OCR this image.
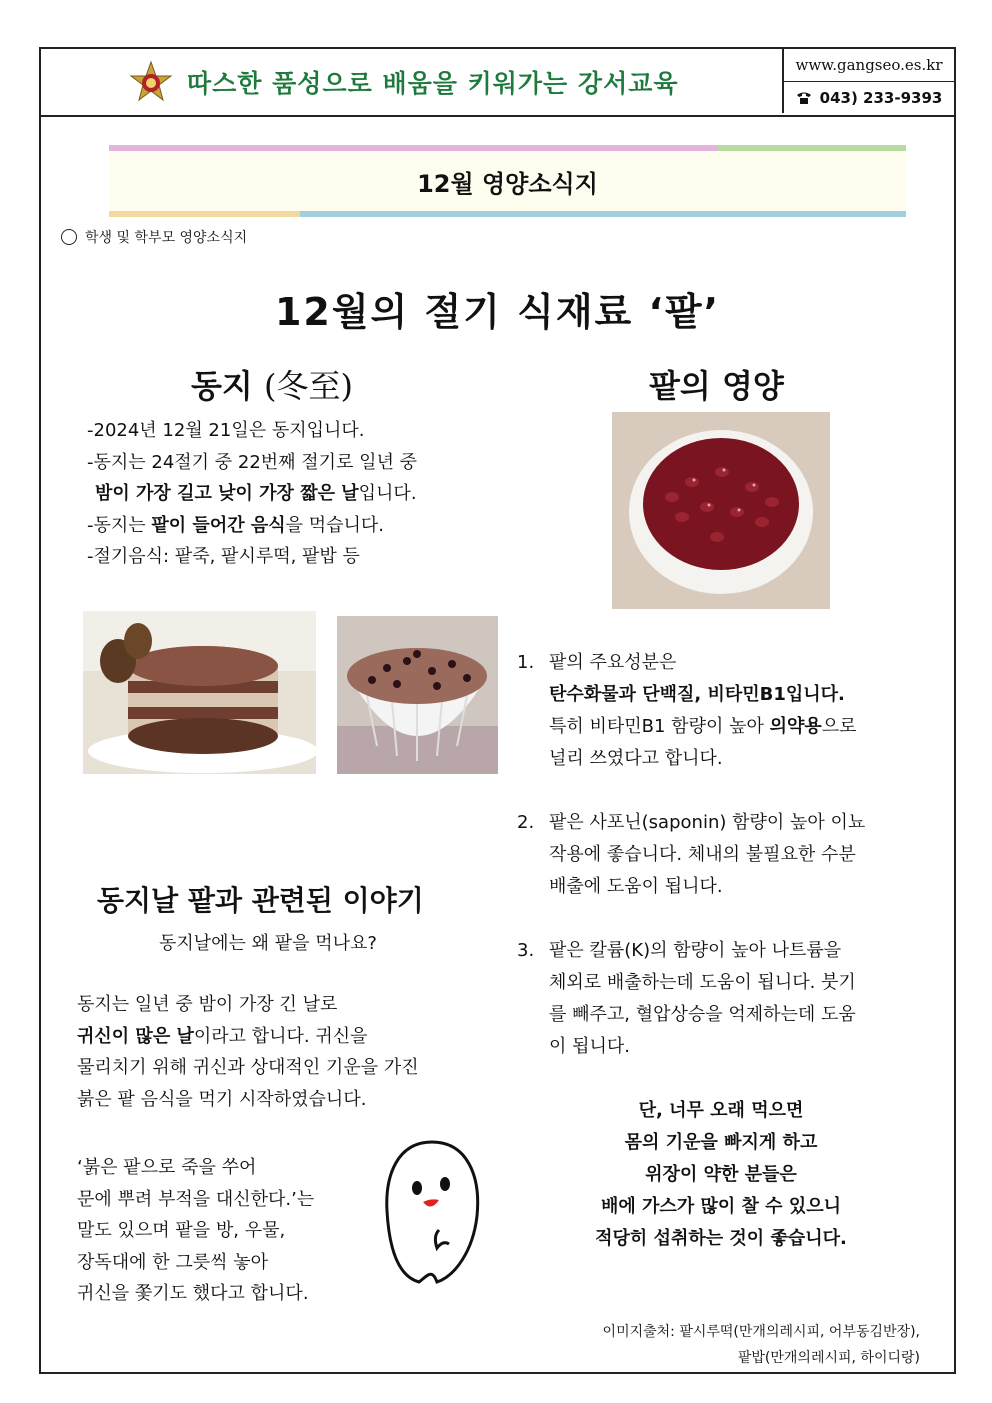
따스한 품성으로 배움을 키워가는 강서교육
www.gangseo.es.kr
043) 233-9393
12월 영양소식지
학생 및 학부모 영양소식지
12월의 절기 식재료 ‘팥’
동지 (冬至)
-2024년 12월 21일은 동지입니다.
-동지는 24절기 중 22번째 절기로 일년 중
밤이 가장 길고 낮이 가장 짧은 날입니다.
-동지는 팥이 들어간 음식을 먹습니다.
-절기음식: 팥죽, 팥시루떡, 팥밥 등
팥의 영양
1. 팥의 주요성분은
탄수화물과 단백질, 비타민B1입니다.
특히 비타민B1 함량이 높아 의약용으로
널리 쓰였다고 합니다.
2. 팥은 사포닌(saponin) 함량이 높아 이뇨
작용에 좋습니다. 체내의 불필요한 수분
배출에 도움이 됩니다.
3. 팥은 칼륨(K)의 함량이 높아 나트륨을
체외로 배출하는데 도움이 됩니다. 붓기
를 빼주고, 혈압상승을 억제하는데 도움
이 됩니다.
단, 너무 오래 먹으면
몸의 기운을 빠지게 하고
위장이 약한 분들은
배에 가스가 많이 찰 수 있으니
적당히 섭취하는 것이 좋습니다.
동지날 팥과 관련된 이야기
동지날에는 왜 팥을 먹나요?
동지는 일년 중 밤이 가장 긴 날로
귀신이 많은 날이라고 합니다. 귀신을
물리치기 위해 귀신과 상대적인 기운을 가진
붉은 팥 음식을 먹기 시작하였습니다.
‘붉은 팥으로 죽을 쑤어
문에 뿌려 부적을 대신한다.’는
말도 있으며 팥을 방, 우물,
장독대에 한 그릇씩 놓아
귀신을 쫓기도 했다고 합니다.
이미지출처: 팥시루떡(만개의레시피, 어부동김반장),
팥밥(만개의레시피, 하이디랑)
